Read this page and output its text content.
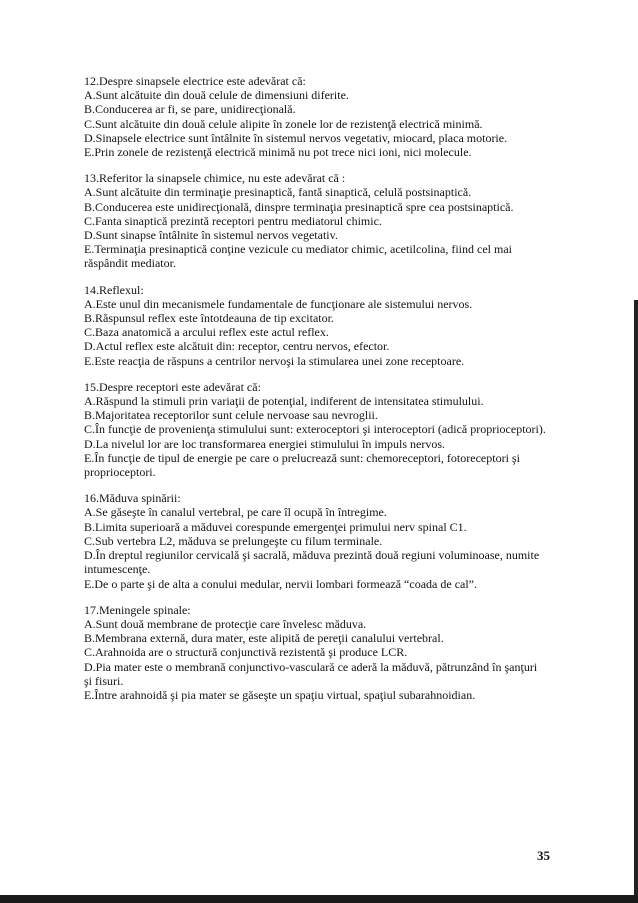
12.Despre sinapsele electrice este adevărat că:
A.Sunt alcătuite din două celule de dimensiuni diferite.
B.Conducerea ar fi, se pare, unidirecţională.
C.Sunt alcătuite din două celule alipite în zonele lor de rezistenţă electrică minimă.
D.Sinapsele electrice sunt întâlnite în sistemul nervos vegetativ, miocard, placa motorie.
E.Prin zonele de rezistenţă electrică minimă nu pot trece nici ioni, nici molecule.
13.Referitor la sinapsele chimice, nu este adevărat că :
A.Sunt alcătuite din terminaţie presinaptică, fantă sinaptică, celulă postsinaptică.
B.Conducerea este unidirecţională, dinspre terminaţia presinaptică spre cea postsinaptică.
C.Fanta sinaptică prezintă receptori pentru mediatorul chimic.
D.Sunt sinapse întâlnite în sistemul nervos vegetativ.
E.Terminaţia presinaptică conţine vezicule cu mediator chimic, acetilcolina, fiind cel mai răspândit mediator.
14.Reflexul:
A.Este unul din mecanismele fundamentale de funcţionare ale sistemului nervos.
B.Răspunsul reflex este întotdeauna de tip excitator.
C.Baza anatomică a arcului reflex este actul reflex.
D.Actul reflex este alcătuit din: receptor, centru nervos, efector.
E.Este reacţia de răspuns a centrilor nervoşi la stimularea unei zone receptoare.
15.Despre receptori este adevărat că:
A.Răspund la stimuli prin variaţii de potenţial, indiferent de intensitatea stimulului.
B.Majoritatea receptorilor sunt celule nervoase sau nevroglii.
C.În funcţie de provenienţa stimulului sunt: exteroceptori şi interoceptori (adică proprioceptori).
D.La nivelul lor are loc transformarea energiei stimulului în impuls nervos.
E.În funcţie de tipul de energie pe care o prelucrează sunt: chemoreceptori, fotoreceptori şi proprioceptori.
16.Măduva spinării:
A.Se găseşte în canalul vertebral, pe care îl ocupă în întregime.
B.Limita superioară a măduvei corespunde emergenţei primului nerv spinal C1.
C.Sub vertebra L2, măduva se prelungeşte cu filum terminale.
D.În dreptul regiunilor cervicală şi sacrală, măduva prezintă două regiuni voluminoase, numite intumescenţe.
E.De o parte şi de alta a conului medular, nervii lombari formează “coada de cal”.
17.Meningele spinale:
A.Sunt două membrane de protecţie care învelesc măduva.
B.Membrana externă, dura mater, este alipită de pereţii canalului vertebral.
C.Arahnoida are o structură conjunctivă rezistentă şi produce LCR.
D.Pia mater este o membrană conjunctivo-vasculară ce aderă la măduvă, pătrunzând în şanţuri şi fisuri.
E.Între arahnoidă şi pia mater se găseşte un spaţiu virtual, spaţiul subarahnoidian.
35
